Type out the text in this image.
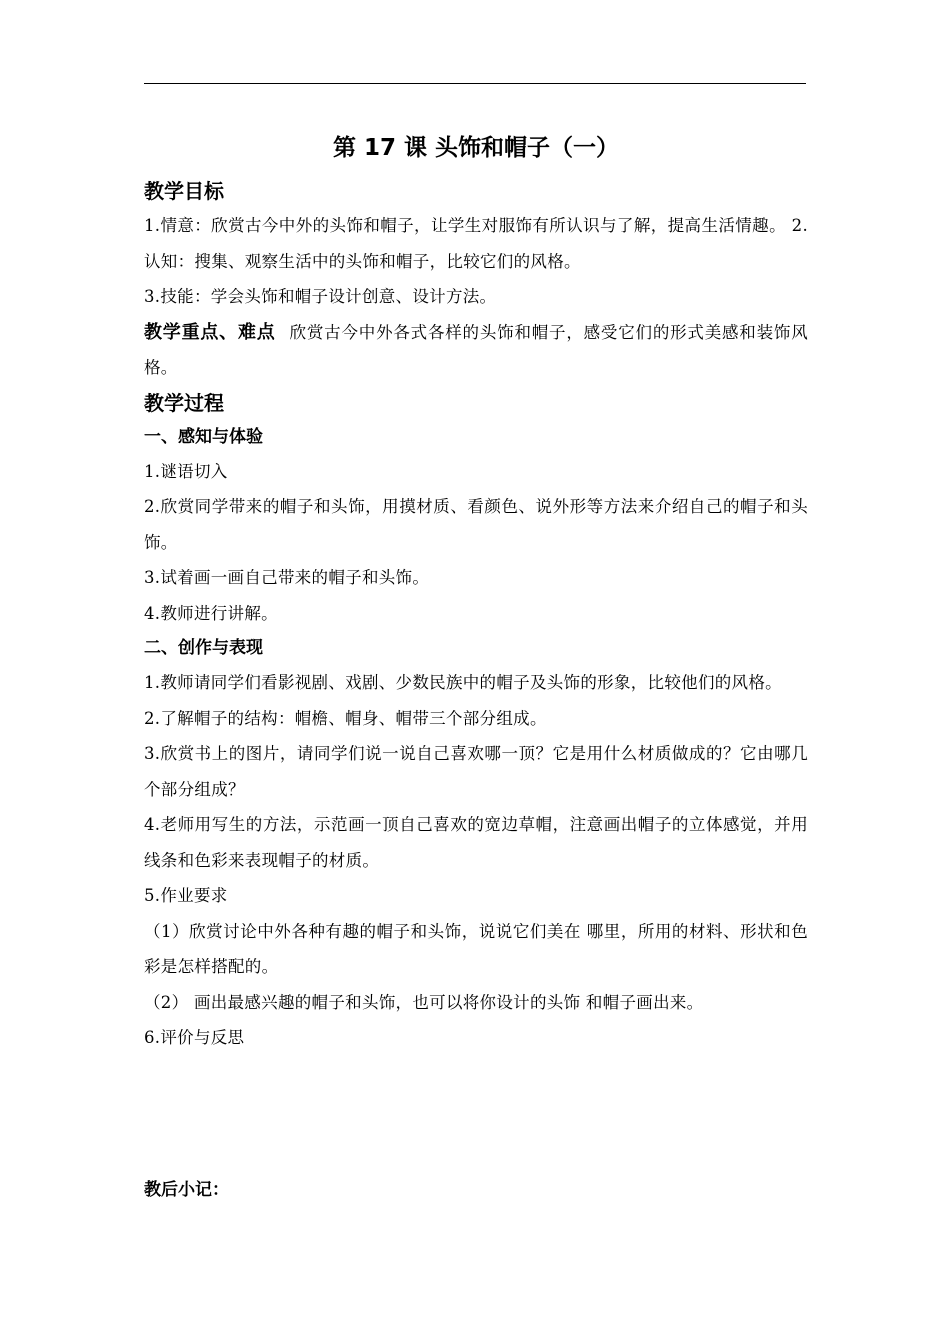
第 17 课 头饰和帽子（一）
教学目标
1.情意：欣赏古今中外的头饰和帽子，让学生对服饰有所认识与了解，提高生活情趣。 2.认知：搜集、观察生活中的头饰和帽子，比较它们的风格。
3.技能：学会头饰和帽子设计创意、设计方法。
教学重点、难点 欣赏古今中外各式各样的头饰和帽子，感受它们的形式美感和装饰风格。
教学过程
一、感知与体验
1.谜语切入
2.欣赏同学带来的帽子和头饰，用摸材质、看颜色、说外形等方法来介绍自己的帽子和头饰。
3.试着画一画自己带来的帽子和头饰。
4.教师进行讲解。
二、创作与表现
1.教师请同学们看影视剧、戏剧、少数民族中的帽子及头饰的形象，比较他们的风格。
2.了解帽子的结构：帽檐、帽身、帽带三个部分组成。
3.欣赏书上的图片，请同学们说一说自己喜欢哪一顶？它是用什么材质做成的？它由哪几个部分组成？
4.老师用写生的方法，示范画一顶自己喜欢的宽边草帽，注意画出帽子的立体感觉，并用线条和色彩来表现帽子的材质。
5.作业要求
（1）欣赏讨论中外各种有趣的帽子和头饰，说说它们美在 哪里，所用的材料、形状和色彩是怎样搭配的。
（2） 画出最感兴趣的帽子和头饰，也可以将你设计的头饰 和帽子画出来。
6.评价与反思
教后小记：
